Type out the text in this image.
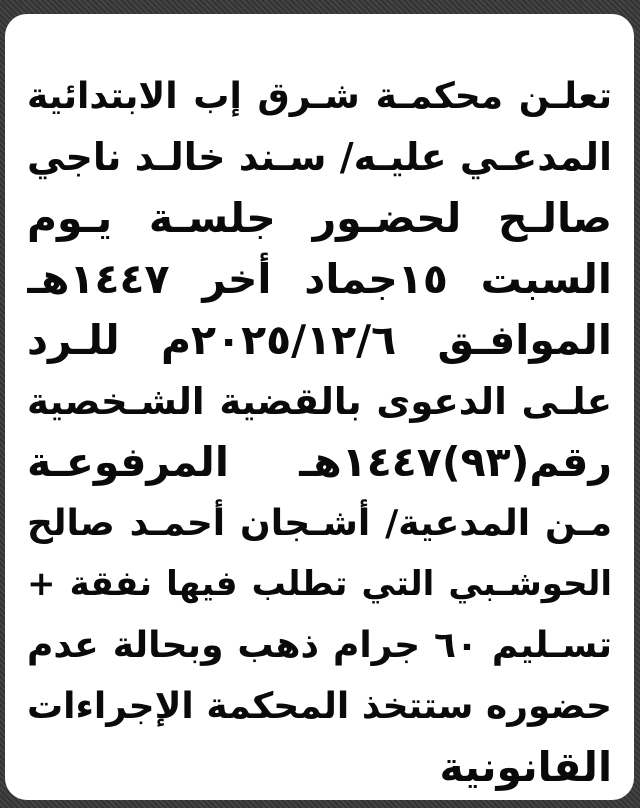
تعلـن محكمـة شـرق إب الابتدائية
المدعـي عليـه/ سـند خالـد ناجي
صالـح لحضـور جلسـة يـوم
السبت ١٥جماد أخر ١٤٤٧هـ
الموافـق ٢٠٢٥/١٢/٦م للـرد
علـى الدعوى بالقضية الشـخصية
رقم(٩٣)١٤٤٧هـ المرفوعـة
مـن المدعية/ أشـجان أحمـد صالح
الحوشـبي التي تطلب فيها نفقة +
تسـليم ٦٠ جرام ذهب وبحالة عدم
حضوره ستتخذ المحكمة الإجراءات
القانونية
